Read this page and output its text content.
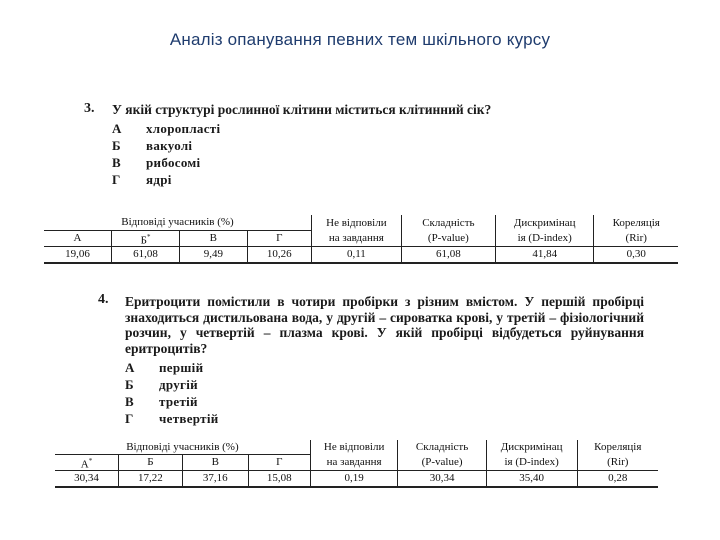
Аналіз опанування певних тем шкільного курсу
3. У якій структурі рослинної клітини міститься клітинний сік?
А хлоропласті
Б вакуолі
В рибосомі
Г ядрі
Відповіді учасників (%)				Не відповіли	Складність	Дискримінац	Кореляція
А	Б*	В	Г	на завдання	(P-value)	ія (D-index)	(Rir)
19,06	61,08	9,49	10,26	0,11	61,08	41,84	0,30
4. Еритроцити помістили в чотири пробірки з різним вмістом. У першій пробірці знаходиться дистильована вода, у другій – сироватка крові, у третій – фізіологічний розчин, у четвертій – плазма крові. У якій пробірці відбудеться руйнування еритроцитів?
А першій
Б другій
В третій
Г четвертій
Відповіді учасників (%)				Не відповіли	Складність	Дискримінац	Кореляція
А*	Б	В	Г	на завдання	(P-value)	ія (D-index)	(Rir)
30,34	17,22	37,16	15,08	0,19	30,34	35,40	0,28
